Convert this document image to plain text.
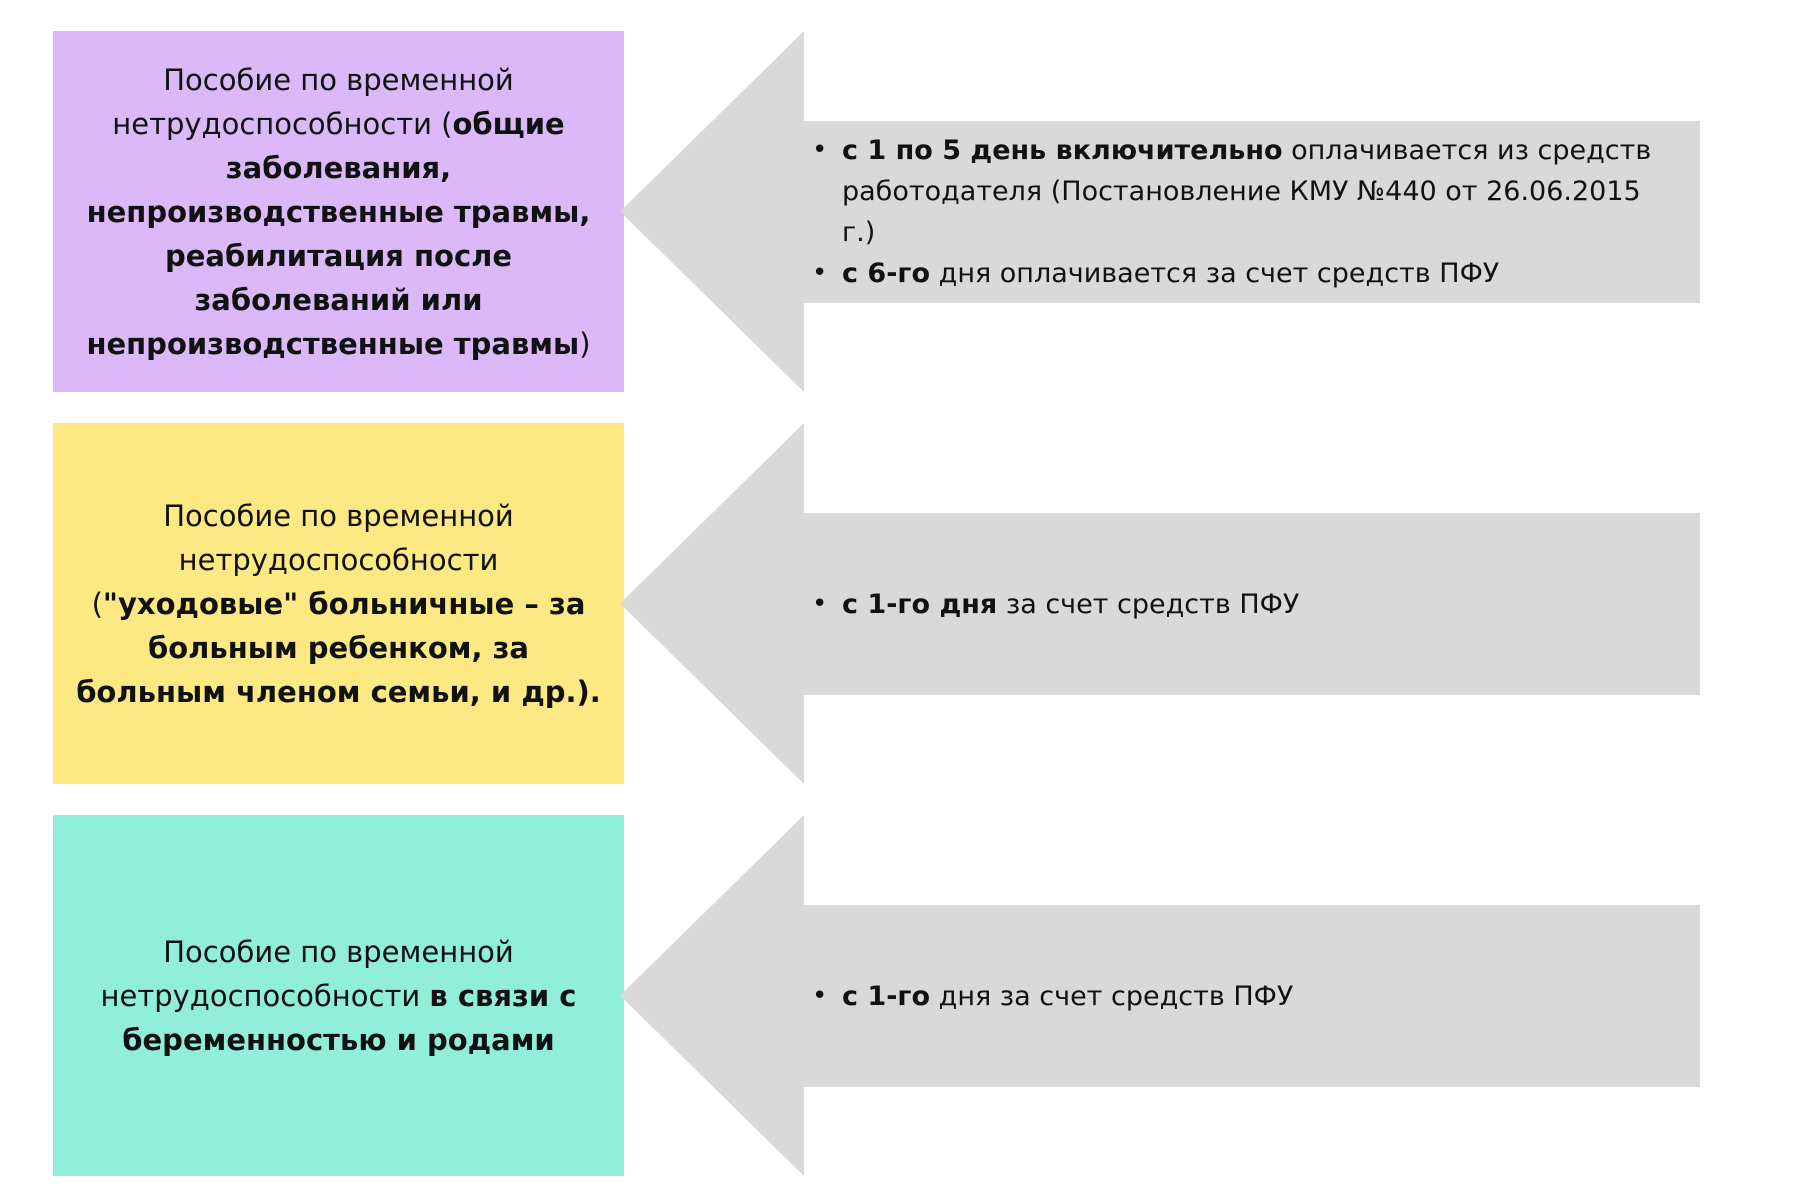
Пособие по временной нетрудоспособности (общие заболевания, непроизводственные травмы, реабилитация после заболеваний или непроизводственные травмы)
• с 1 по 5 день включительно оплачивается из средств работодателя (Постановление КМУ №440 от 26.06.2015 г.)
• с 6-го дня оплачивается за счет средств ПФУ
Пособие по временной нетрудоспособности ("уходовые" больничные – за больным ребенком, за больным членом семьи, и др.).
• с 1-го дня за счет средств ПФУ
Пособие по временной нетрудоспособности в связи с беременностью и родами
• с 1-го дня за счет средств ПФУ
